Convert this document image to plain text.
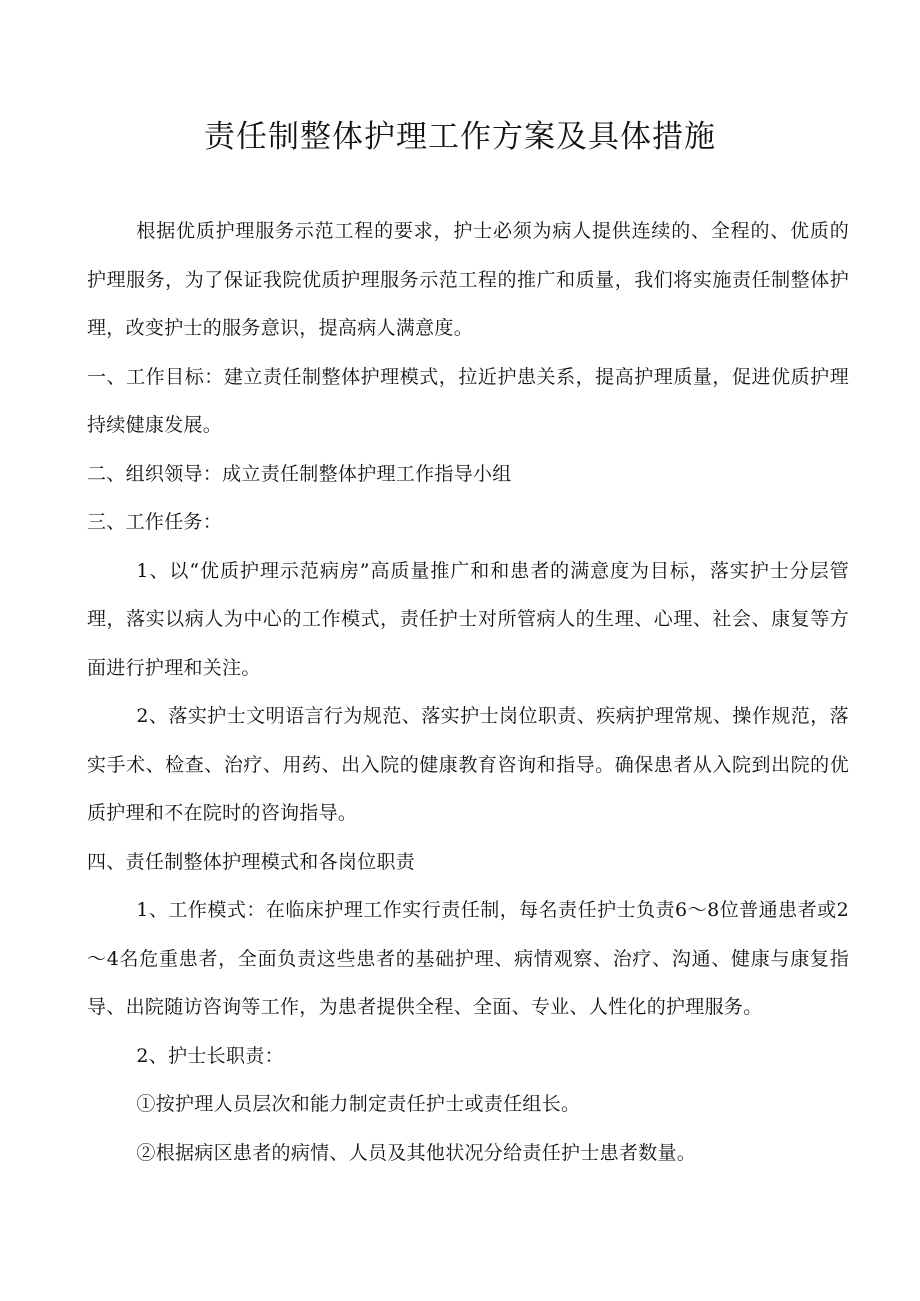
责任制整体护理工作方案及具体措施

根据优质护理服务示范工程的要求，护士必须为病人提供连续的、全程的、优质的护理服务，为了保证我院优质护理服务示范工程的推广和质量，我们将实施责任制整体护理，改变护士的服务意识，提高病人满意度。

一、工作目标：建立责任制整体护理模式，拉近护患关系，提高护理质量，促进优质护理持续健康发展。

二、组织领导：成立责任制整体护理工作指导小组

三、工作任务：

1、以“优质护理示范病房”高质量推广和和患者的满意度为目标，落实护士分层管理，落实以病人为中心的工作模式，责任护士对所管病人的生理、心理、社会、康复等方面进行护理和关注。

2、落实护士文明语言行为规范、落实护士岗位职责、疾病护理常规、操作规范，落实手术、检查、治疗、用药、出入院的健康教育咨询和指导。确保患者从入院到出院的优质护理和不在院时的咨询指导。

四、责任制整体护理模式和各岗位职责

1、工作模式：在临床护理工作实行责任制，每名责任护士负责6～8位普通患者或2～4名危重患者，全面负责这些患者的基础护理、病情观察、治疗、沟通、健康与康复指导、出院随访咨询等工作，为患者提供全程、全面、专业、人性化的护理服务。

2、护士长职责：

①按护理人员层次和能力制定责任护士或责任组长。

②根据病区患者的病情、人员及其他状况分给责任护士患者数量。
